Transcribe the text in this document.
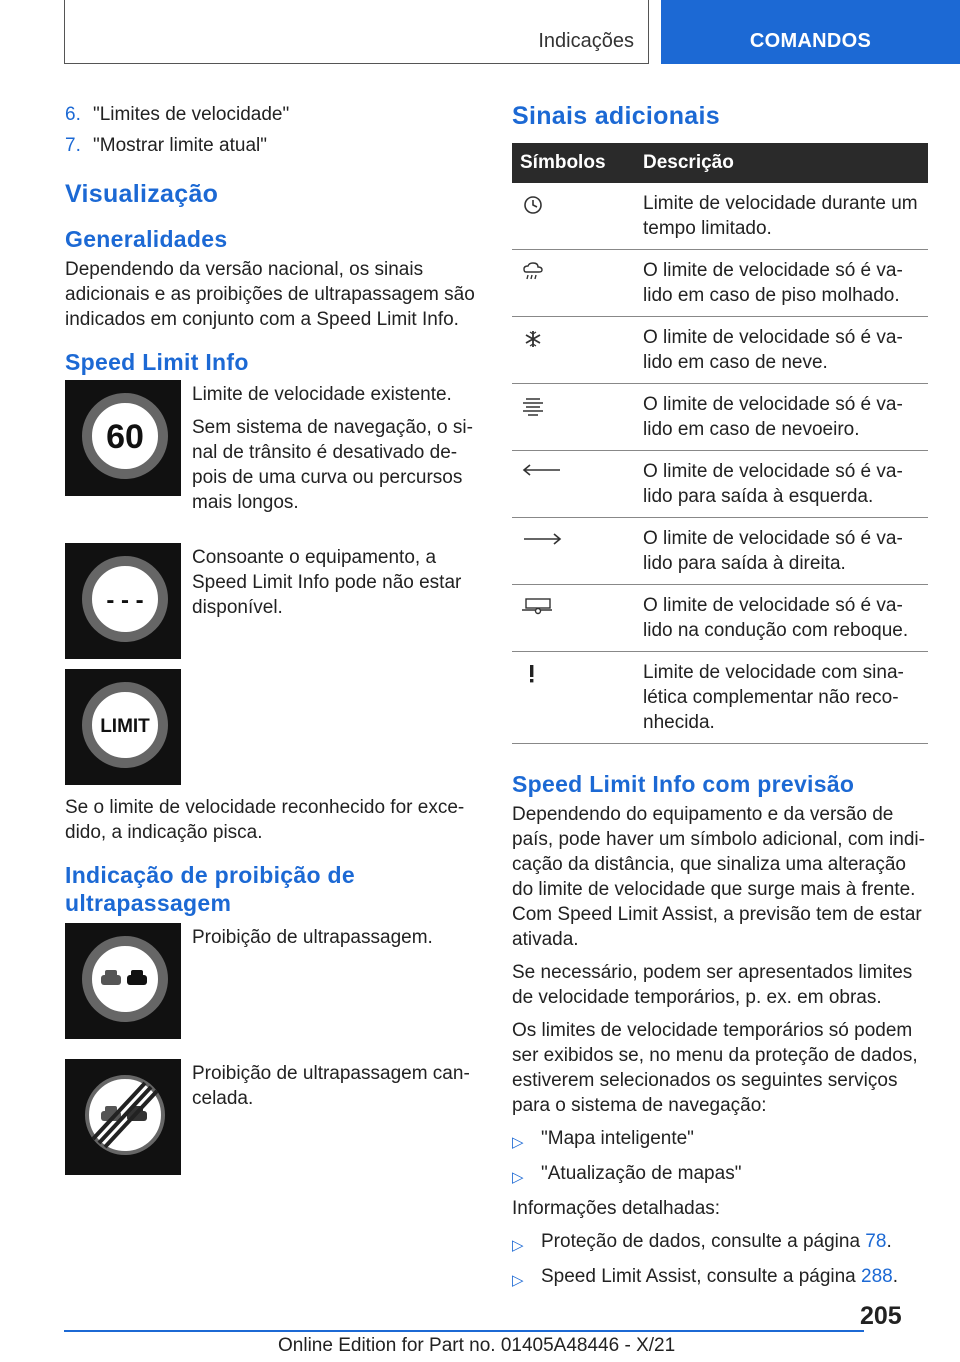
Indicações	COMANDOS
6. "Limites de velocidade"
7. "Mostrar limite atual"
Visualização
Generalidades
Dependendo da versão nacional, os sinais adicionais e as proibições de ultrapassagem são indicados em conjunto com a Speed Limit Info.
Speed Limit Info
60
Limite de velocidade existente.
Sem sistema de navegação, o sinal de trânsito é desativado depois de uma curva ou percursos mais longos.
- - -
Consoante o equipamento, a Speed Limit Info pode não estar disponível.
LIMIT
Se o limite de velocidade reconhecido for excedido, a indicação pisca.
Indicação de proibição de ultrapassagem
Proibição de ultrapassagem.
Proibição de ultrapassagem cancelada.
Sinais adicionais
Símbolos	Descrição
	Limite de velocidade durante um tempo limitado.
	O limite de velocidade só é valido em caso de piso molhado.
	O limite de velocidade só é valido em caso de neve.
	O limite de velocidade só é valido em caso de nevoeiro.
	O limite de velocidade só é valido para saída à esquerda.
	O limite de velocidade só é valido para saída à direita.
	O limite de velocidade só é valido na condução com reboque.
	Limite de velocidade com sinalética complementar não reconhecida.
Speed Limit Info com previsão
Dependendo do equipamento e da versão de país, pode haver um símbolo adicional, com indicação da distância, que sinaliza uma alteração do limite de velocidade que surge mais à frente. Com Speed Limit Assist, a previsão tem de estar ativada.
Se necessário, podem ser apresentados limites de velocidade temporários, p. ex. em obras.
Os limites de velocidade temporários só podem ser exibidos se, no menu da proteção de dados, estiverem selecionados os seguintes serviços para o sistema de navegação:
▷ "Mapa inteligente"
▷ "Atualização de mapas"
Informações detalhadas:
▷ Proteção de dados, consulte a página 78.
▷ Speed Limit Assist, consulte a página 288.
205
Online Edition for Part no. 01405A48446 - X/21
